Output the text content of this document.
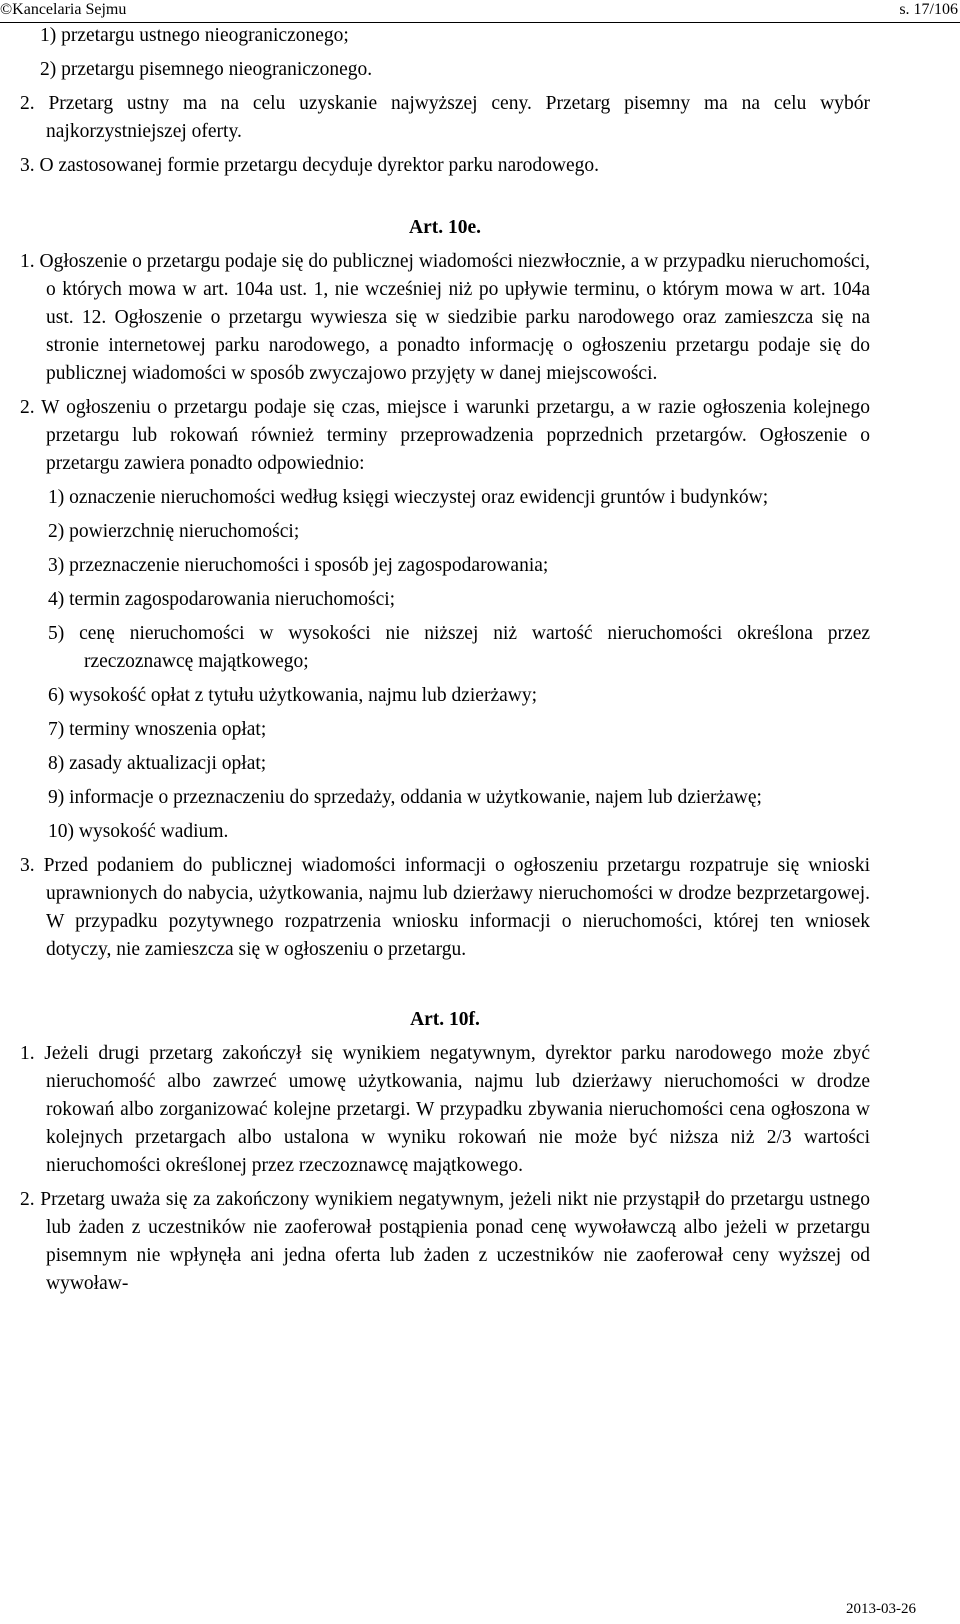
©Kancelaria Sejmu	s. 17/106

1) przetargu ustnego nieograniczonego;

2) przetargu pisemnego nieograniczonego.

2. Przetarg ustny ma na celu uzyskanie najwyższej ceny. Przetarg pisemny ma na celu wybór najkorzystniejszej oferty.

3. O zastosowanej formie przetargu decyduje dyrektor parku narodowego.

Art. 10e.

1. Ogłoszenie o przetargu podaje się do publicznej wiadomości niezwłocznie, a w przypadku nieruchomości, o których mowa w art. 104a ust. 1, nie wcześniej niż po upływie terminu, o którym mowa w art. 104a ust. 12. Ogłoszenie o przetargu wywiesza się w siedzibie parku narodowego oraz zamieszcza się na stronie internetowej parku narodowego, a ponadto informację o ogłoszeniu przetargu podaje się do publicznej wiadomości w sposób zwyczajowo przyjęty w danej miejscowości.

2. W ogłoszeniu o przetargu podaje się czas, miejsce i warunki przetargu, a w razie ogłoszenia kolejnego przetargu lub rokowań również terminy przeprowadzenia poprzednich przetargów. Ogłoszenie o przetargu zawiera ponadto odpowiednio:

1) oznaczenie nieruchomości według księgi wieczystej oraz ewidencji gruntów i budynków;

2) powierzchnię nieruchomości;

3) przeznaczenie nieruchomości i sposób jej zagospodarowania;

4) termin zagospodarowania nieruchomości;

5) cenę nieruchomości w wysokości nie niższej niż wartość nieruchomości określona przez rzeczoznawcę majątkowego;

6) wysokość opłat z tytułu użytkowania, najmu lub dzierżawy;

7) terminy wnoszenia opłat;

8) zasady aktualizacji opłat;

9) informacje o przeznaczeniu do sprzedaży, oddania w użytkowanie, najem lub dzierżawę;

10) wysokość wadium.

3. Przed podaniem do publicznej wiadomości informacji o ogłoszeniu przetargu rozpatruje się wnioski uprawnionych do nabycia, użytkowania, najmu lub dzierżawy nieruchomości w drodze bezprzetargowej. W przypadku pozytywnego rozpatrzenia wniosku informacji o nieruchomości, której ten wniosek dotyczy, nie zamieszcza się w ogłoszeniu o przetargu.

Art. 10f.

1. Jeżeli drugi przetarg zakończył się wynikiem negatywnym, dyrektor parku narodowego może zbyć nieruchomość albo zawrzeć umowę użytkowania, najmu lub dzierżawy nieruchomości w drodze rokowań albo zorganizować kolejne przetargi. W przypadku zbywania nieruchomości cena ogłoszona w kolejnych przetargach albo ustalona w wyniku rokowań nie może być niższa niż 2/3 wartości nieruchomości określonej przez rzeczoznawcę majątkowego.

2. Przetarg uważa się za zakończony wynikiem negatywnym, jeżeli nikt nie przystąpił do przetargu ustnego lub żaden z uczestników nie zaoferował postąpienia ponad cenę wywoławczą albo jeżeli w przetargu pisemnym nie wpłynęła ani jedna oferta lub żaden z uczestników nie zaoferował ceny wyższej od wywoław-

2013-03-26
